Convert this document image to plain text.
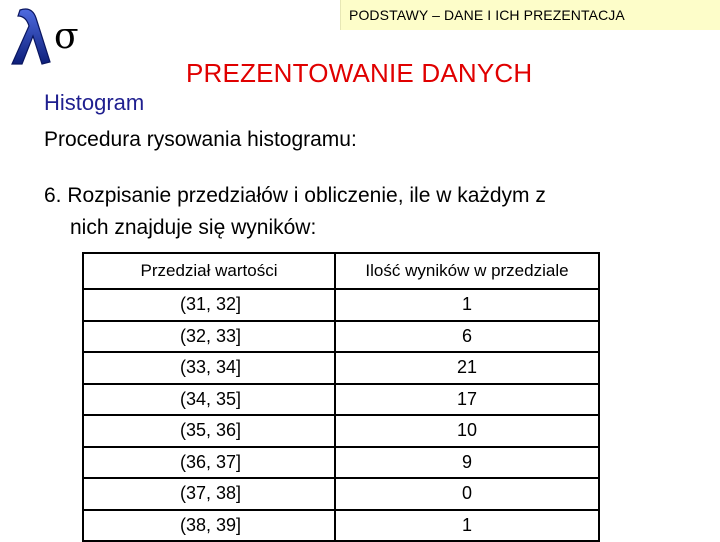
σ
PODSTAWY – DANE I ICH PREZENTACJA
PREZENTOWANIE DANYCH
Histogram
Procedura rysowania histogramu:
6. Rozpisanie przedziałów i obliczenie, ile w każdym z
nich znajduje się wyników:
Przedział wartości	Ilość wyników w przedziale
(31, 32]	1
(32, 33]	6
(33, 34]	21
(34, 35]	17
(35, 36]	10
(36, 37]	9
(37, 38]	0
(38, 39]	1
